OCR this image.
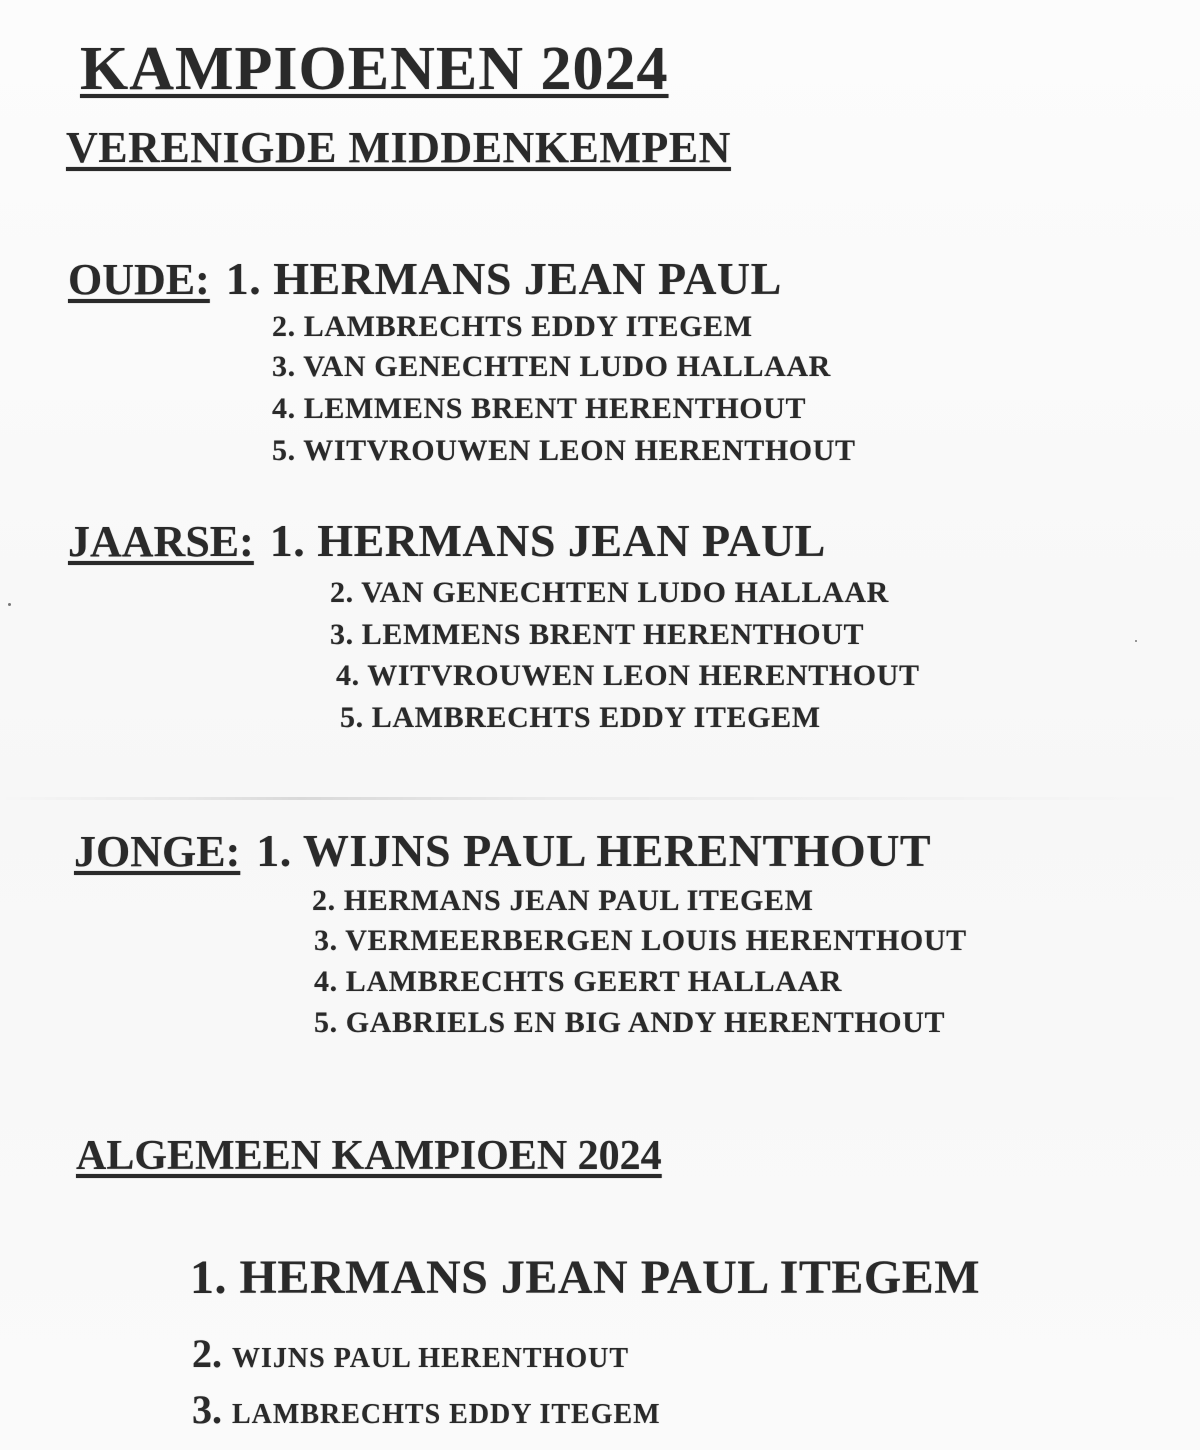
KAMPIOENEN 2024
VERENIGDE MIDDENKEMPEN
OUDE: 1. HERMANS JEAN PAUL
2. LAMBRECHTS EDDY ITEGEM
3. VAN GENECHTEN LUDO HALLAAR
4. LEMMENS BRENT HERENTHOUT
5. WITVROUWEN LEON HERENTHOUT
JAARSE: 1. HERMANS JEAN PAUL
2. VAN GENECHTEN LUDO HALLAAR
3. LEMMENS BRENT HERENTHOUT
4. WITVROUWEN LEON HERENTHOUT
5. LAMBRECHTS EDDY ITEGEM
JONGE: 1. WIJNS PAUL HERENTHOUT
2. HERMANS JEAN PAUL ITEGEM
3. VERMEERBERGEN LOUIS HERENTHOUT
4. LAMBRECHTS GEERT HALLAAR
5. GABRIELS EN BIG ANDY HERENTHOUT
ALGEMEEN KAMPIOEN 2024
1. HERMANS JEAN PAUL ITEGEM
2. WIJNS PAUL HERENTHOUT
3. LAMBRECHTS EDDY ITEGEM
